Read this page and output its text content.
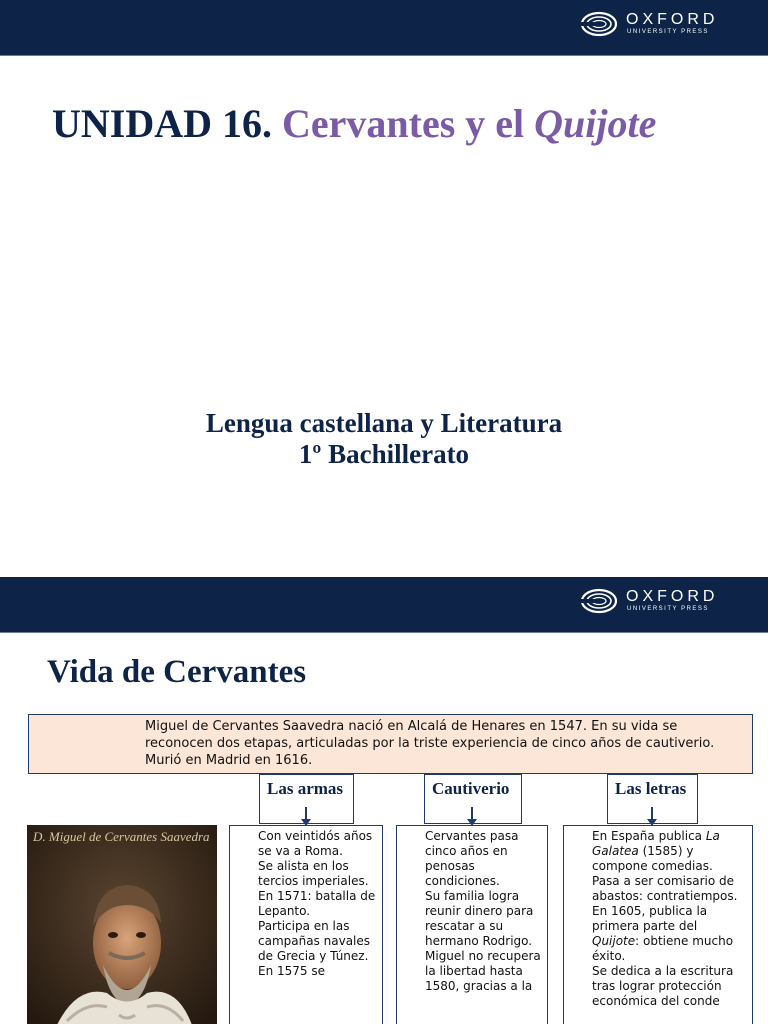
OXFORD
UNIVERSITY PRESS
UNIDAD 16. Cervantes y el Quijote
Lengua castellana y Literatura
1º Bachillerato
OXFORD
UNIVERSITY PRESS
Vida de Cervantes
Miguel de Cervantes Saavedra nació en Alcalá de Henares en 1547. En su vida se reconocen dos etapas, articuladas por la triste experiencia de cinco años de cautiverio. Murió en Madrid en 1616.
Las armas	Cautiverio	Las letras
D. Miguel de Cervantes Saavedra	Con veintidós años se va a Roma.

Se alista en los tercios imperiales.

En 1571: batalla de Lepanto.

Participa en las campañas navales de Grecia y Túnez.

En 1575 se

Cervantes pasa cinco años en penosas condiciones.

Su familia logra reunir dinero para rescatar a su hermano Rodrigo.

Miguel no recupera la libertad hasta 1580, gracias a la

En España publica La Galatea (1585) y compone comedias.

Pasa a ser comisario de abastos: contratiempos.

En 1605, publica la primera parte del Quijote: obtiene mucho éxito.

Se dedica a la escritura tras lograr protección económica del conde
